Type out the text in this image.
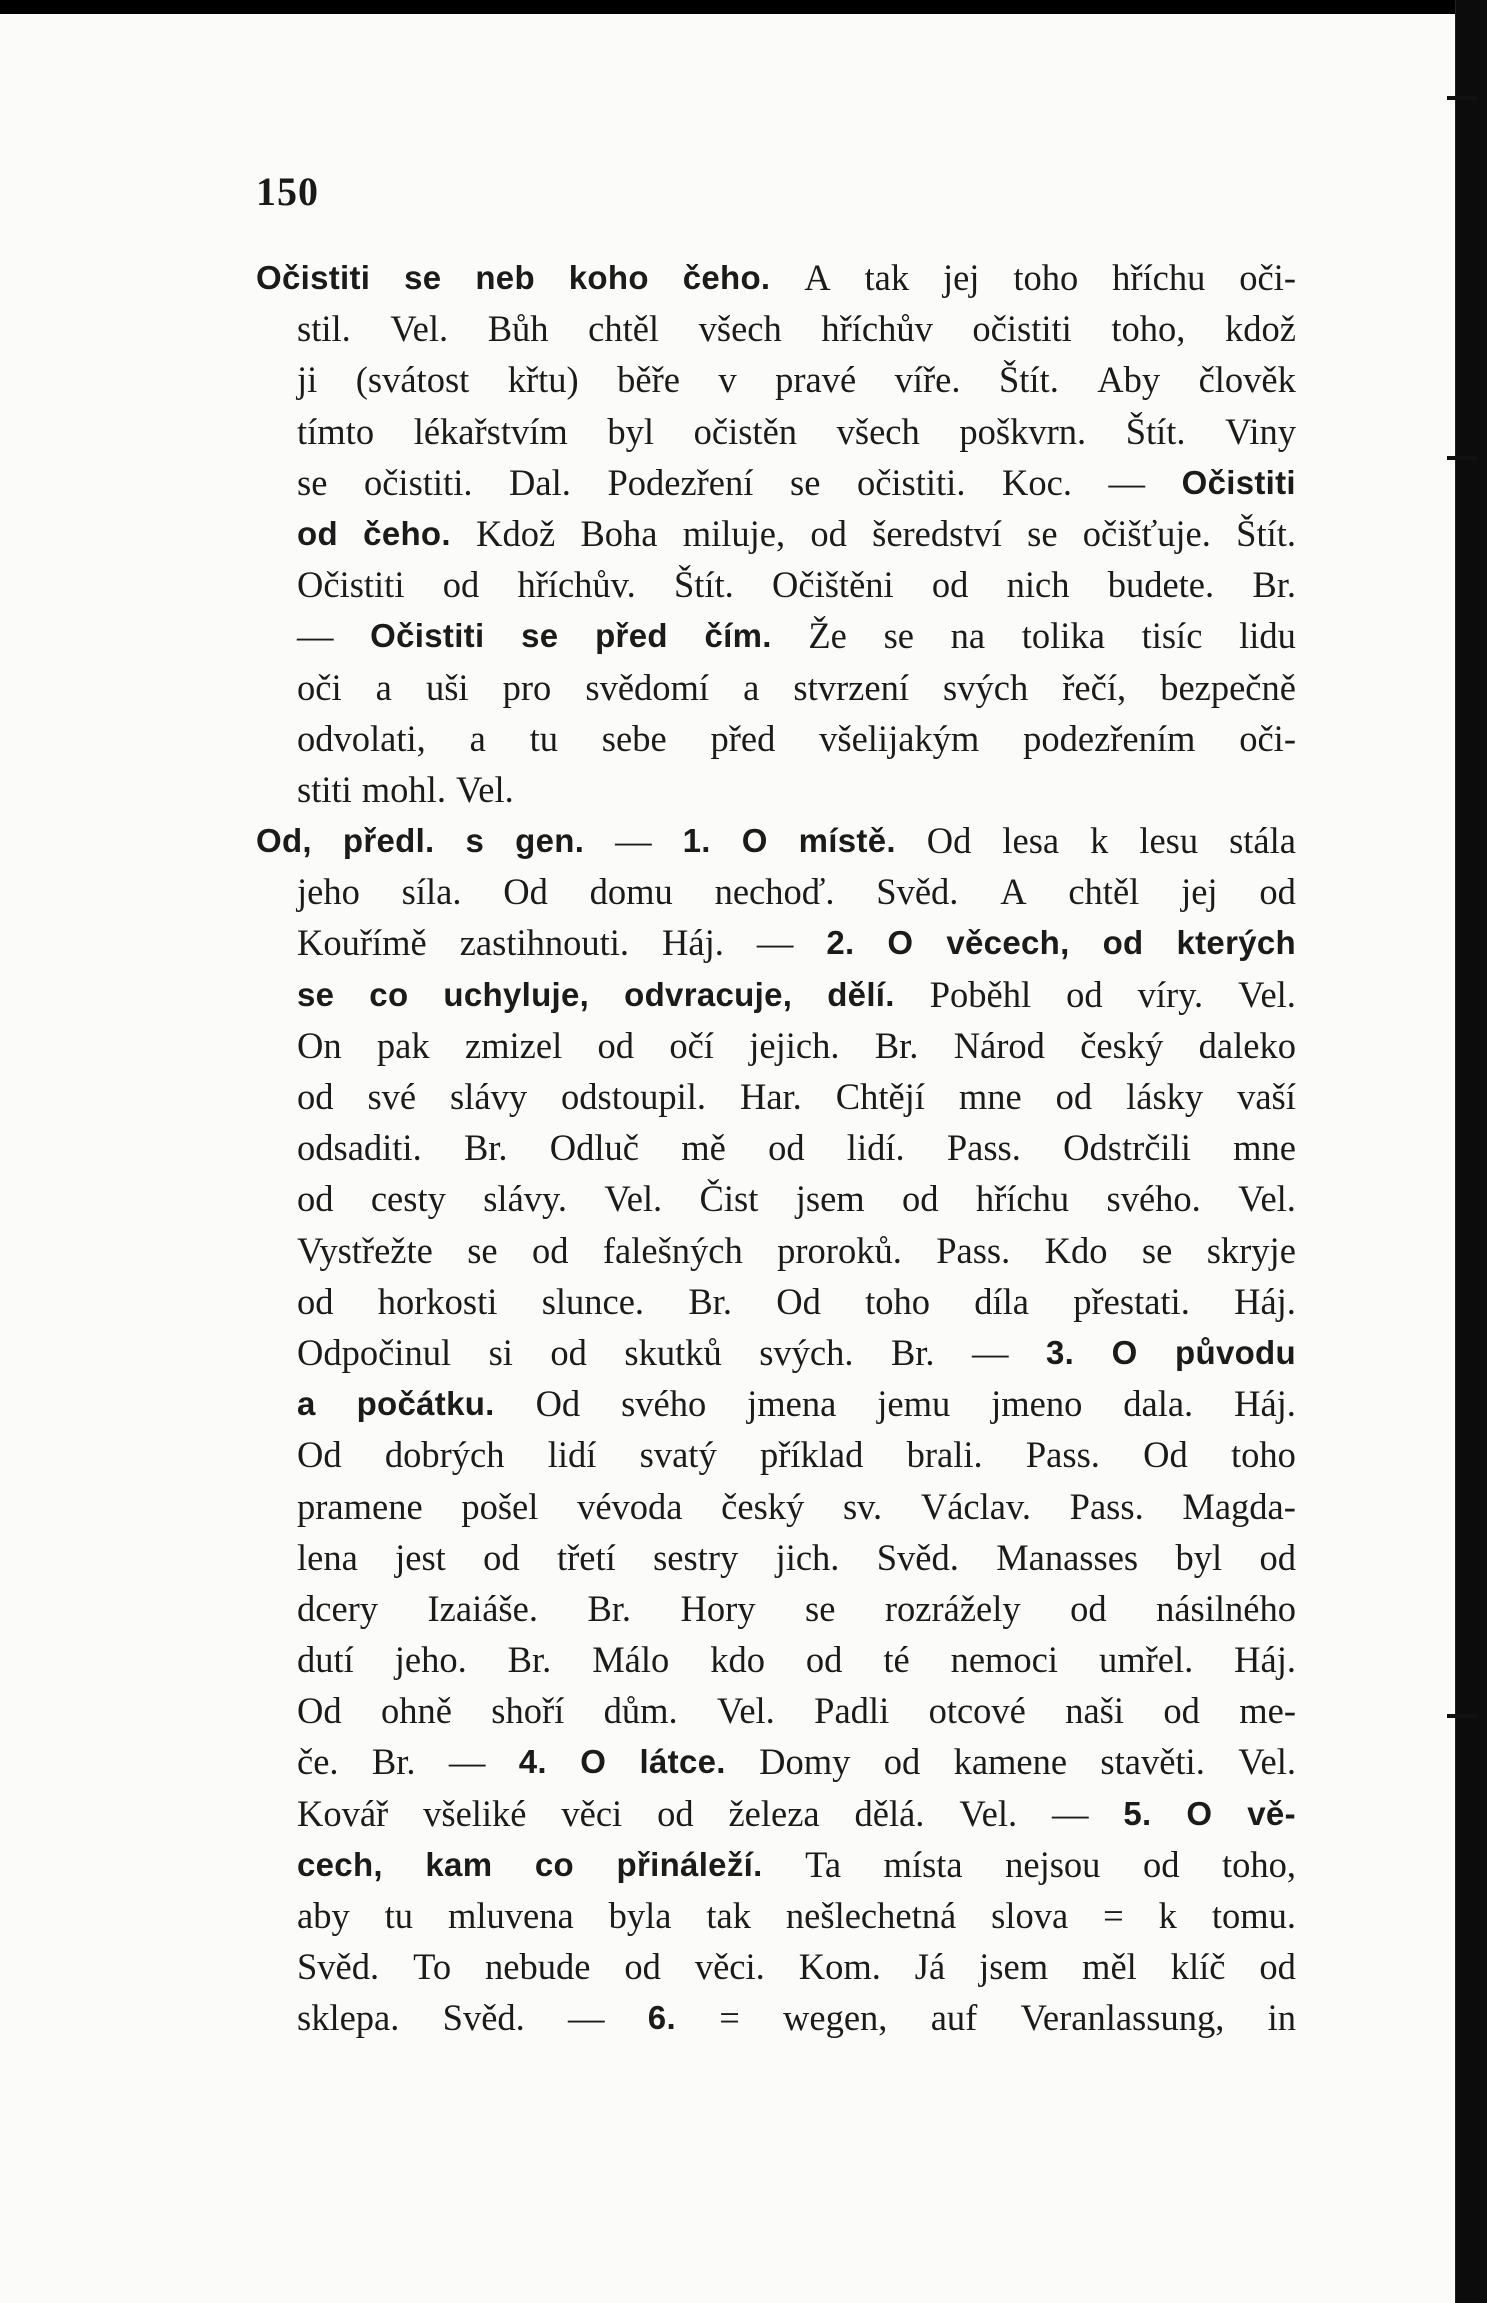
150
Očistiti se neb koho čeho. A tak jej toho hříchu oči-
stil. Vel. Bůh chtěl všech hříchův očistiti toho, kdož
ji (svátost křtu) běře v pravé víře. Štít. Aby člověk
tímto lékařstvím byl očistěn všech poškvrn. Štít. Viny
se očistiti. Dal. Podezření se očistiti. Koc. — Očistiti
od čeho. Kdož Boha miluje, od šeredství se očišťuje. Štít.
Očistiti od hříchův. Štít. Očištěni od nich budete. Br.
— Očistiti se před čím. Že se na tolika tisíc lidu
oči a uši pro svědomí a stvrzení svých řečí, bezpečně
odvolati, a tu sebe před všelijakým podezřením oči-
stiti mohl. Vel.
Od, předl. s gen. — 1. O místě. Od lesa k lesu stála
jeho síla. Od domu nechoď. Svěd. A chtěl jej od
Kouřímě zastihnouti. Háj. — 2. O věcech, od kterých
se co uchyluje, odvracuje, dělí. Poběhl od víry. Vel.
On pak zmizel od očí jejich. Br. Národ český daleko
od své slávy odstoupil. Har. Chtějí mne od lásky vaší
odsaditi. Br. Odluč mě od lidí. Pass. Odstrčili mne
od cesty slávy. Vel. Čist jsem od hříchu svého. Vel.
Vystřežte se od falešných proroků. Pass. Kdo se skryje
od horkosti slunce. Br. Od toho díla přestati. Háj.
Odpočinul si od skutků svých. Br. — 3. O původu
a počátku. Od svého jmena jemu jmeno dala. Háj.
Od dobrých lidí svatý příklad brali. Pass. Od toho
pramene pošel vévoda český sv. Václav. Pass. Magda-
lena jest od třetí sestry jich. Svěd. Manasses byl od
dcery Izaiáše. Br. Hory se rozrážely od násilného
dutí jeho. Br. Málo kdo od té nemoci umřel. Háj.
Od ohně shoří dům. Vel. Padli otcové naši od me-
če. Br. — 4. O látce. Domy od kamene stavěti. Vel.
Kovář všeliké věci od železa dělá. Vel. — 5. O vě-
cech, kam co přináleží. Ta místa nejsou od toho,
aby tu mluvena byla tak nešlechetná slova = k tomu.
Svěd. To nebude od věci. Kom. Já jsem měl klíč od
sklepa. Svěd. — 6. = wegen, auf Veranlassung, in
